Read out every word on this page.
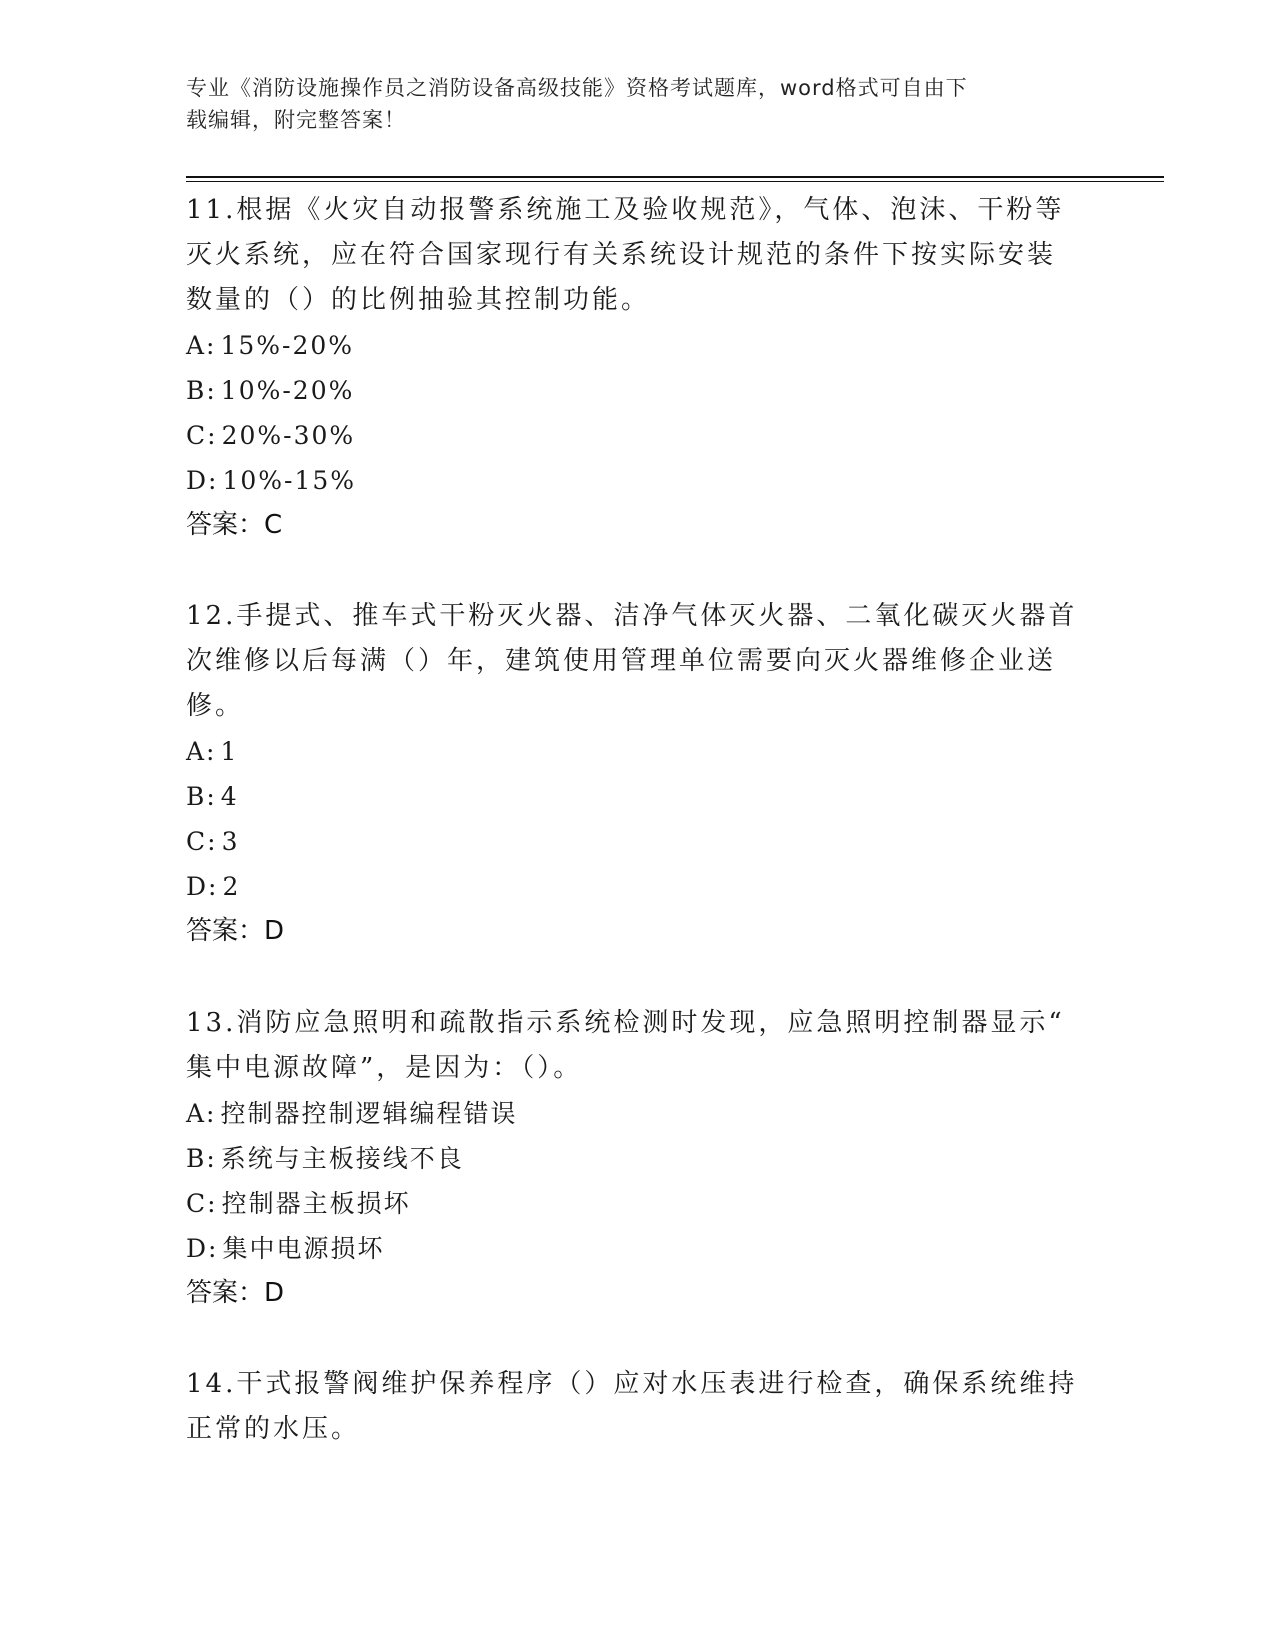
专业《消防设施操作员之消防设备高级技能》资格考试题库，word格式可自由下
载编辑，附完整答案！

11.根据《火灾自动报警系统施工及验收规范》，气体、泡沫、干粉等

灭火系统，应在符合国家现行有关系统设计规范的条件下按实际安装

数量的（）的比例抽验其控制功能。

A: 15%-20%

B: 10%-20%

C: 20%-30%

D: 10%-15%

答案：C

12.手提式、推车式干粉灭火器、洁净气体灭火器、二氧化碳灭火器首

次维修以后每满（）年，建筑使用管理单位需要向灭火器维修企业送

修。

A: 1

B: 4

C: 3

D: 2

答案：D

13.消防应急照明和疏散指示系统检测时发现，应急照明控制器显示“

集中电源故障”，是因为：（）。

A: 控制器控制逻辑编程错误

B: 系统与主板接线不良

C: 控制器主板损坏

D: 集中电源损坏

答案：D

14.干式报警阀维护保养程序（）应对水压表进行检查，确保系统维持

正常的水压。
